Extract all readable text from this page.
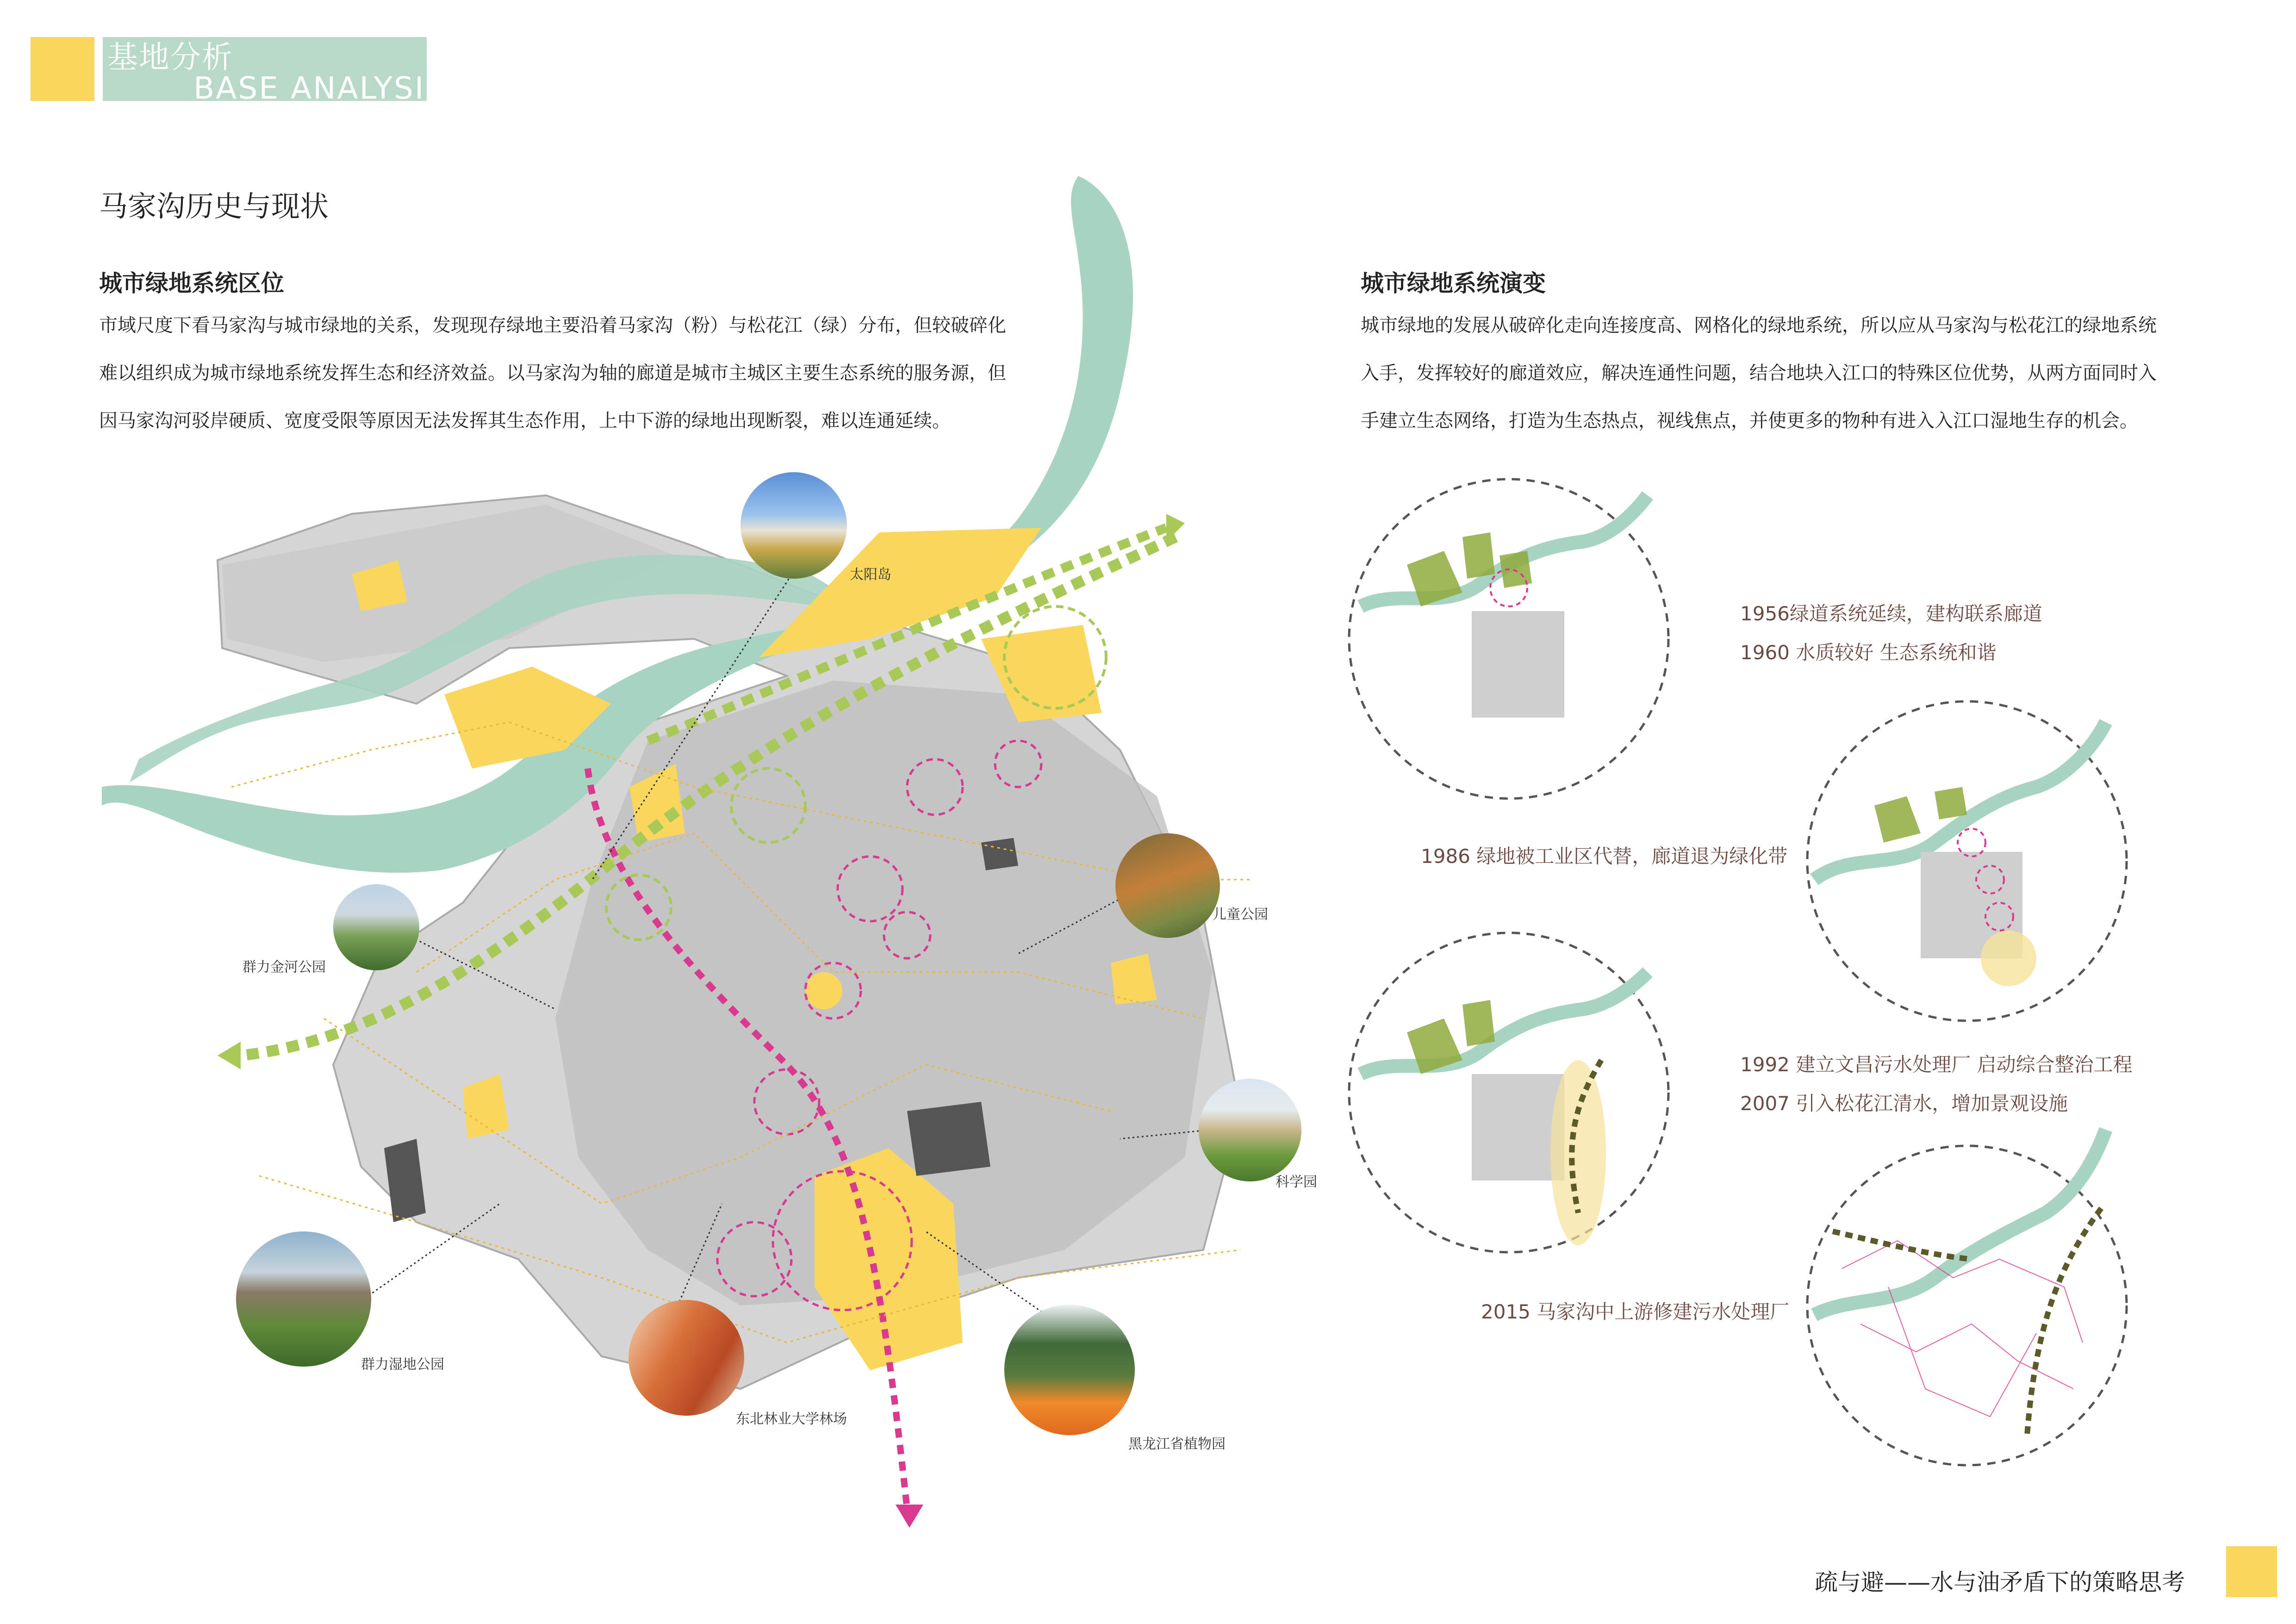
基地分析
BASE ANALYSIS
马家沟历史与现状
城市绿地系统区位
市域尺度下看马家沟与城市绿地的关系，发现现存绿地主要沿着马家沟（粉）与松花江（绿）分布，但较破碎化
难以组织成为城市绿地系统发挥生态和经济效益。以马家沟为轴的廊道是城市主城区主要生态系统的服务源，但
因马家沟河驳岸硬质、宽度受限等原因无法发挥其生态作用，上中下游的绿地出现断裂，难以连通延续。
城市绿地系统演变
城市绿地的发展从破碎化走向连接度高、网格化的绿地系统，所以应从马家沟与松花江的绿地系统
入手，发挥较好的廊道效应，解决连通性问题，结合地块入江口的特殊区位优势，从两方面同时入
手建立生态网络，打造为生态热点，视线焦点，并使更多的物种有进入入江口湿地生存的机会。
太阳岛
儿童公园
群力金河公园
科学园
群力湿地公园
东北林业大学林场
黑龙江省植物园
1956绿道系统延续，建构联系廊道
1960 水质较好 生态系统和谐
1986 绿地被工业区代替，廊道退为绿化带
1992 建立文昌污水处理厂 启动综合整治工程
2007 引入松花江清水，增加景观设施
2015 马家沟中上游修建污水处理厂
疏与避——水与油矛盾下的策略思考
